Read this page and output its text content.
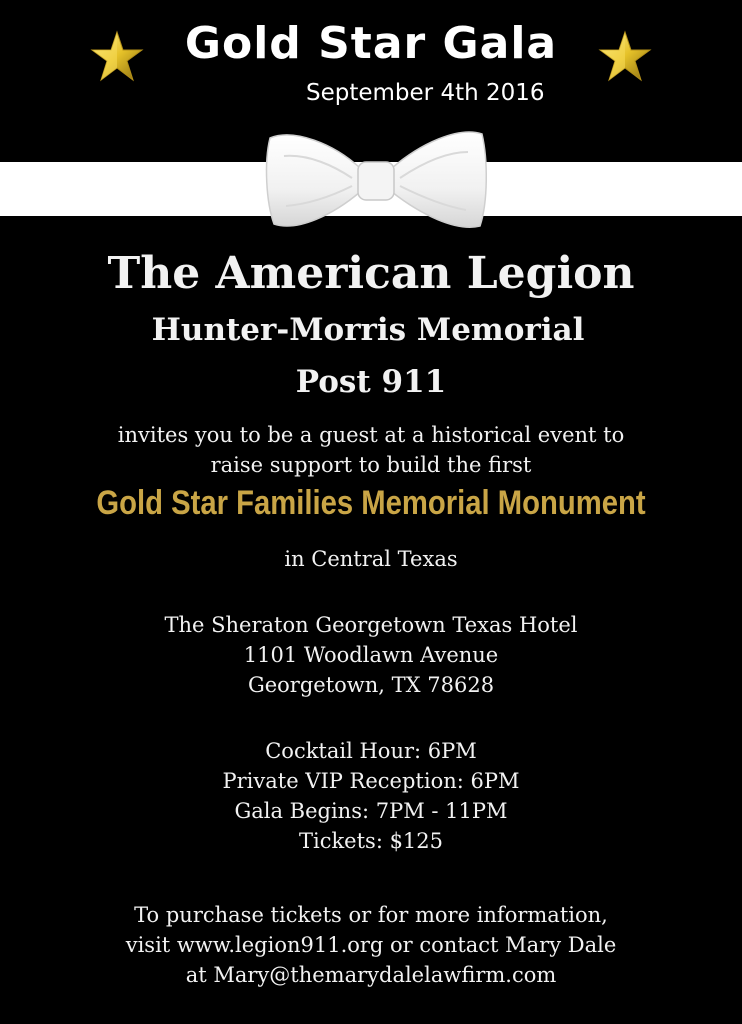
Gold Star Gala
September 4th 2016
The American Legion
Hunter-Morris Memorial
Post 911
invites you to be a guest at a historical event to
raise support to build the first
Gold Star Families Memorial Monument
in Central Texas
The Sheraton Georgetown Texas Hotel
1101 Woodlawn Avenue
Georgetown, TX 78628
Cocktail Hour: 6PM
Private VIP Reception: 6PM
Gala Begins: 7PM - 11PM
Tickets: $125
To purchase tickets or for more information,
visit www.legion911.org or contact Mary Dale
at Mary@themarydalelawfirm.com
